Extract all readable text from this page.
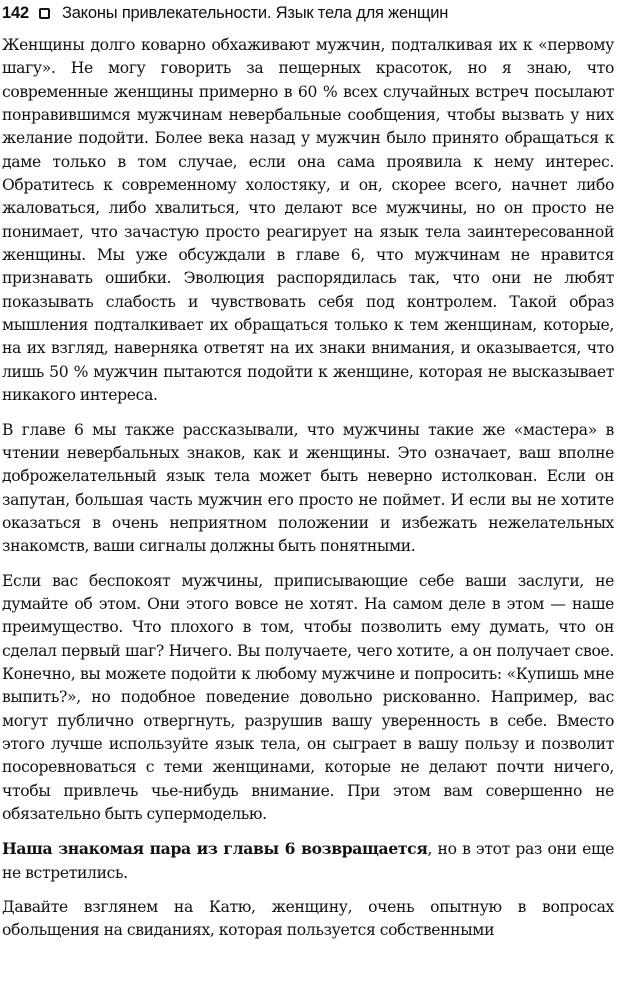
142 Законы привлекательности. Язык тела для женщин

Женщины долго коварно обхаживают мужчин, подталкивая их к «первому шагу». Не могу говорить за пещерных красоток, но я знаю, что современные женщины примерно в 60 % всех случайных встреч посылают понравившимся мужчинам невербальные сообщения, чтобы вызвать у них желание подойти. Более века назад у мужчин было принято обращаться к даме только в том случае, если она сама проявила к нему интерес. Обратитесь к современному холостяку, и он, скорее всего, начнет либо жаловаться, либо хвалиться, что делают все мужчины, но он просто не понимает, что зачастую просто реагирует на язык тела заинтересованной женщины. Мы уже обсуждали в главе 6, что мужчинам не нравится признавать ошибки. Эволюция распорядилась так, что они не любят показывать слабость и чувствовать себя под контролем. Такой образ мышления подталкивает их обращаться только к тем женщинам, которые, на их взгляд, наверняка ответят на их знаки внимания, и оказывается, что лишь 50 % мужчин пытаются подойти к женщине, которая не высказывает никакого интереса.

В главе 6 мы также рассказывали, что мужчины такие же «мастера» в чтении невербальных знаков, как и женщины. Это означает, ваш вполне доброжелательный язык тела может быть неверно истолкован. Если он запутан, большая часть мужчин его просто не поймет. И если вы не хотите оказаться в очень неприятном положении и избежать нежелательных знакомств, ваши сигналы должны быть понятными.

Если вас беспокоят мужчины, приписывающие себе ваши заслуги, не думайте об этом. Они этого вовсе не хотят. На самом деле в этом — наше преимущество. Что плохого в том, чтобы позволить ему думать, что он сделал первый шаг? Ничего. Вы получаете, чего хотите, а он получает свое. Конечно, вы можете подойти к любому мужчине и попросить: «Купишь мне выпить?», но подобное поведение довольно рискованно. Например, вас могут публично отвергнуть, разрушив вашу уверенность в себе. Вместо этого лучше используйте язык тела, он сыграет в вашу пользу и позволит посоревноваться с теми женщинами, которые не делают почти ничего, чтобы привлечь чье-нибудь внимание. При этом вам совершенно не обязательно быть супермоделью.

Наша знакомая пара из главы 6 возвращается, но в этот раз они еще не встретились.

Давайте взглянем на Катю, женщину, очень опытную в вопросах обольщения на свиданиях, которая пользуется собственными
